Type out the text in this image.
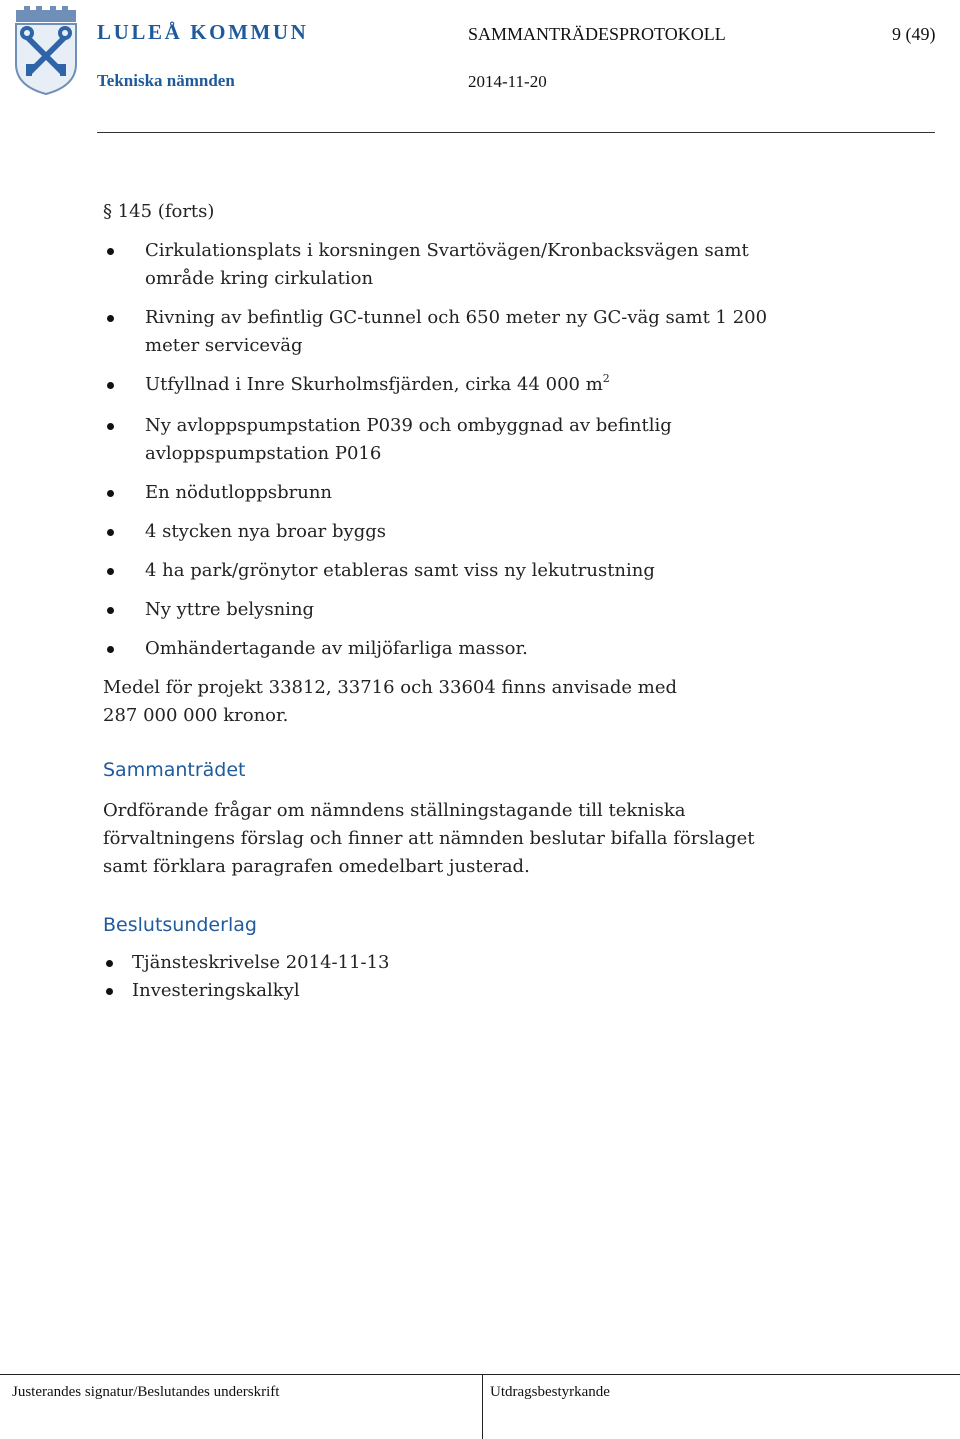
LULEÅ KOMMUN
Tekniska nämnden
SAMMANTRÄDESPROTOKOLL	9 (49)
2014-11-20

§ 145 (forts)

Cirkulationsplats i korsningen Svartövägen/Kronbacksvägen samt
område kring cirkulation
Rivning av befintlig GC-tunnel och 650 meter ny GC-väg samt 1 200
meter serviceväg
Utfyllnad i Inre Skurholmsfjärden, cirka 44 000 $m^2$
Ny avloppspumpstation P039 och ombyggnad av befintlig
avloppspumpstation P016
En nödutloppsbrunn
4 stycken nya broar byggs
4 ha park/grönytor etableras samt viss ny lekutrustning
Ny yttre belysning
Omhändertagande av miljöfarliga massor.

Medel för projekt 33812, 33716 och 33604 finns anvisade med
287 000 000 kronor.

Sammanträdet

Ordförande frågar om nämndens ställningstagande till tekniska
förvaltningens förslag och finner att nämnden beslutar bifalla förslaget
samt förklara paragrafen omedelbart justerad.

Beslutsunderlag
Tjänsteskrivelse 2014-11-13
Investeringskalkyl
Justerandes signatur/Beslutandes underskrift	Utdragsbestyrkande
